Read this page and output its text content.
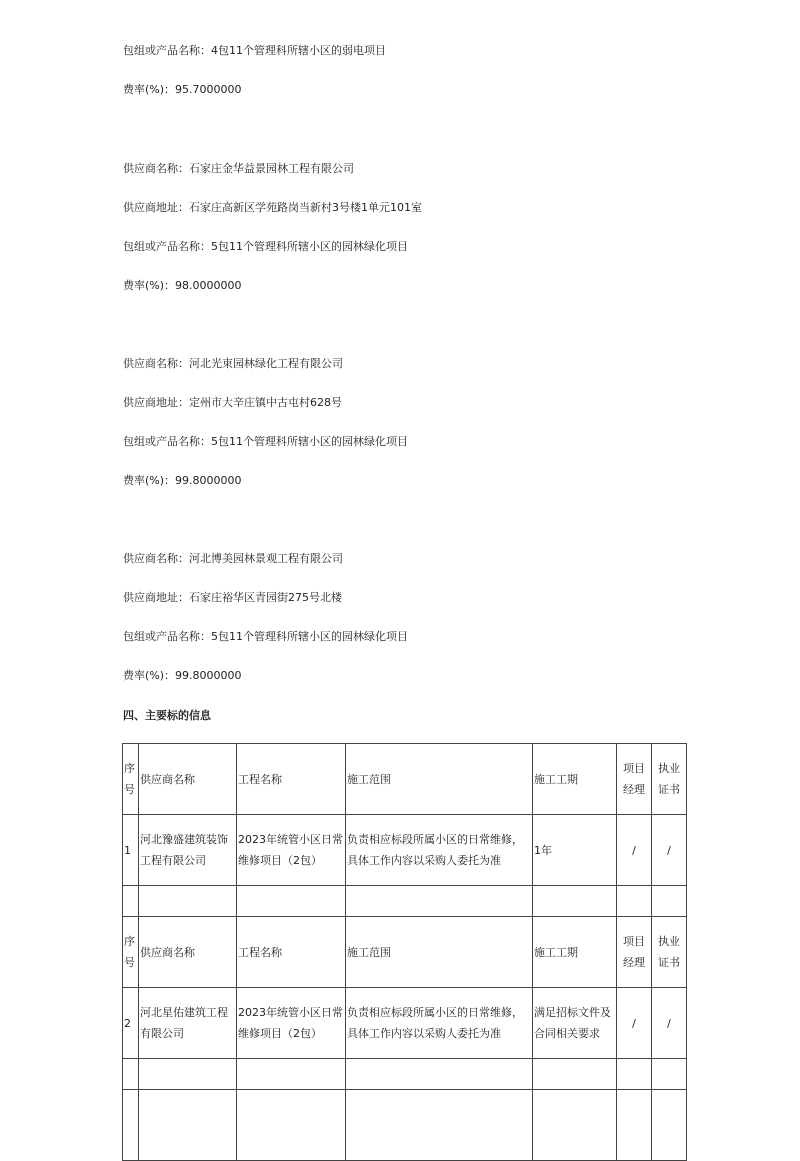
包组或产品名称：4包11个管理科所辖小区的弱电项目
费率(%)：95.7000000
供应商名称：石家庄金华益景园林工程有限公司
供应商地址：石家庄高新区学苑路岗当新村3号楼1单元101室
包组或产品名称：5包11个管理科所辖小区的园林绿化项目
费率(%)：98.0000000
供应商名称：河北光束园林绿化工程有限公司
供应商地址：定州市大辛庄镇中古屯村628号
包组或产品名称：5包11个管理科所辖小区的园林绿化项目
费率(%)：99.8000000
供应商名称：河北博美园林景观工程有限公司
供应商地址：石家庄裕华区青园街275号北楼
包组或产品名称：5包11个管理科所辖小区的园林绿化项目
费率(%)：99.8000000
四、主要标的信息
序号	供应商名称	工程名称	施工范围	施工工期	项目经理	执业证书
1	河北豫盛建筑装饰工程有限公司	2023年统管小区日常维修项目（2包）	负责相应标段所属小区的日常维修，具体工作内容以采购人委托为准	1年	/	/

序号	供应商名称	工程名称	施工范围	施工工期	项目经理	执业证书
2	河北星佑建筑工程有限公司	2023年统管小区日常维修项目（2包）	负责相应标段所属小区的日常维修，具体工作内容以采购人委托为准	满足招标文件及合同相关要求	/	/
